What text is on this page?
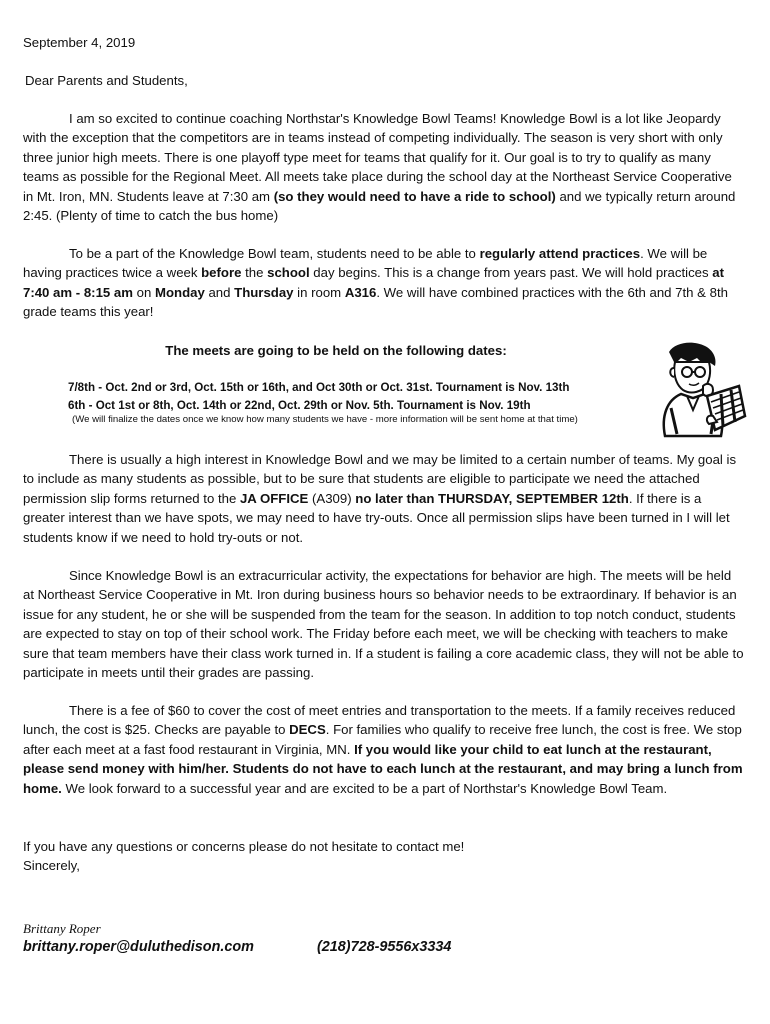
September 4, 2019

Dear Parents and Students,

I am so excited to continue coaching Northstar's Knowledge Bowl Teams! Knowledge Bowl is a lot like Jeopardy with the exception that the competitors are in teams instead of competing individually. The season is very short with only three junior high meets. There is one playoff type meet for teams that qualify for it. Our goal is to try to qualify as many teams as possible for the Regional Meet. All meets take place during the school day at the Northeast Service Cooperative in Mt. Iron, MN. Students leave at 7:30 am (so they would need to have a ride to school) and we typically return around 2:45. (Plenty of time to catch the bus home)

To be a part of the Knowledge Bowl team, students need to be able to regularly attend practices. We will be having practices twice a week before the school day begins. This is a change from years past. We will hold practices at 7:40 am - 8:15 am on Monday and Thursday in room A316. We will have combined practices with the 6th and 7th & 8th grade teams this year!

The meets are going to be held on the following dates:

7/8th - Oct. 2nd or 3rd, Oct. 15th or 16th, and Oct 30th or Oct. 31st. Tournament is Nov. 13th

6th - Oct 1st or 8th, Oct. 14th or 22nd, Oct. 29th or Nov. 5th. Tournament is Nov. 19th

(We will finalize the dates once we know how many students we have - more information will be sent home at that time)

There is usually a high interest in Knowledge Bowl and we may be limited to a certain number of teams. My goal is to include as many students as possible, but to be sure that students are eligible to participate we need the attached permission slip forms returned to the JA OFFICE (A309) no later than THURSDAY, SEPTEMBER 12th. If there is a greater interest than we have spots, we may need to have try-outs. Once all permission slips have been turned in I will let students know if we need to hold try-outs or not.

Since Knowledge Bowl is an extracurricular activity, the expectations for behavior are high. The meets will be held at Northeast Service Cooperative in Mt. Iron during business hours so behavior needs to be extraordinary. If behavior is an issue for any student, he or she will be suspended from the team for the season. In addition to top notch conduct, students are expected to stay on top of their school work. The Friday before each meet, we will be checking with teachers to make sure that team members have their class work turned in. If a student is failing a core academic class, they will not be able to participate in meets until their grades are passing.

There is a fee of $60 to cover the cost of meet entries and transportation to the meets. If a family receives reduced lunch, the cost is $25. Checks are payable to DECS. For families who qualify to receive free lunch, the cost is free. We stop after each meet at a fast food restaurant in Virginia, MN. If you would like your child to eat lunch at the restaurant, please send money with him/her. Students do not have to each lunch at the restaurant, and may bring a lunch from home. We look forward to a successful year and are excited to be a part of Northstar's Knowledge Bowl Team.

If you have any questions or concerns please do not hesitate to contact me!

Sincerely,

Brittany Roper

brittany.roper@duluthedison.com	(218)728-9556x3334
